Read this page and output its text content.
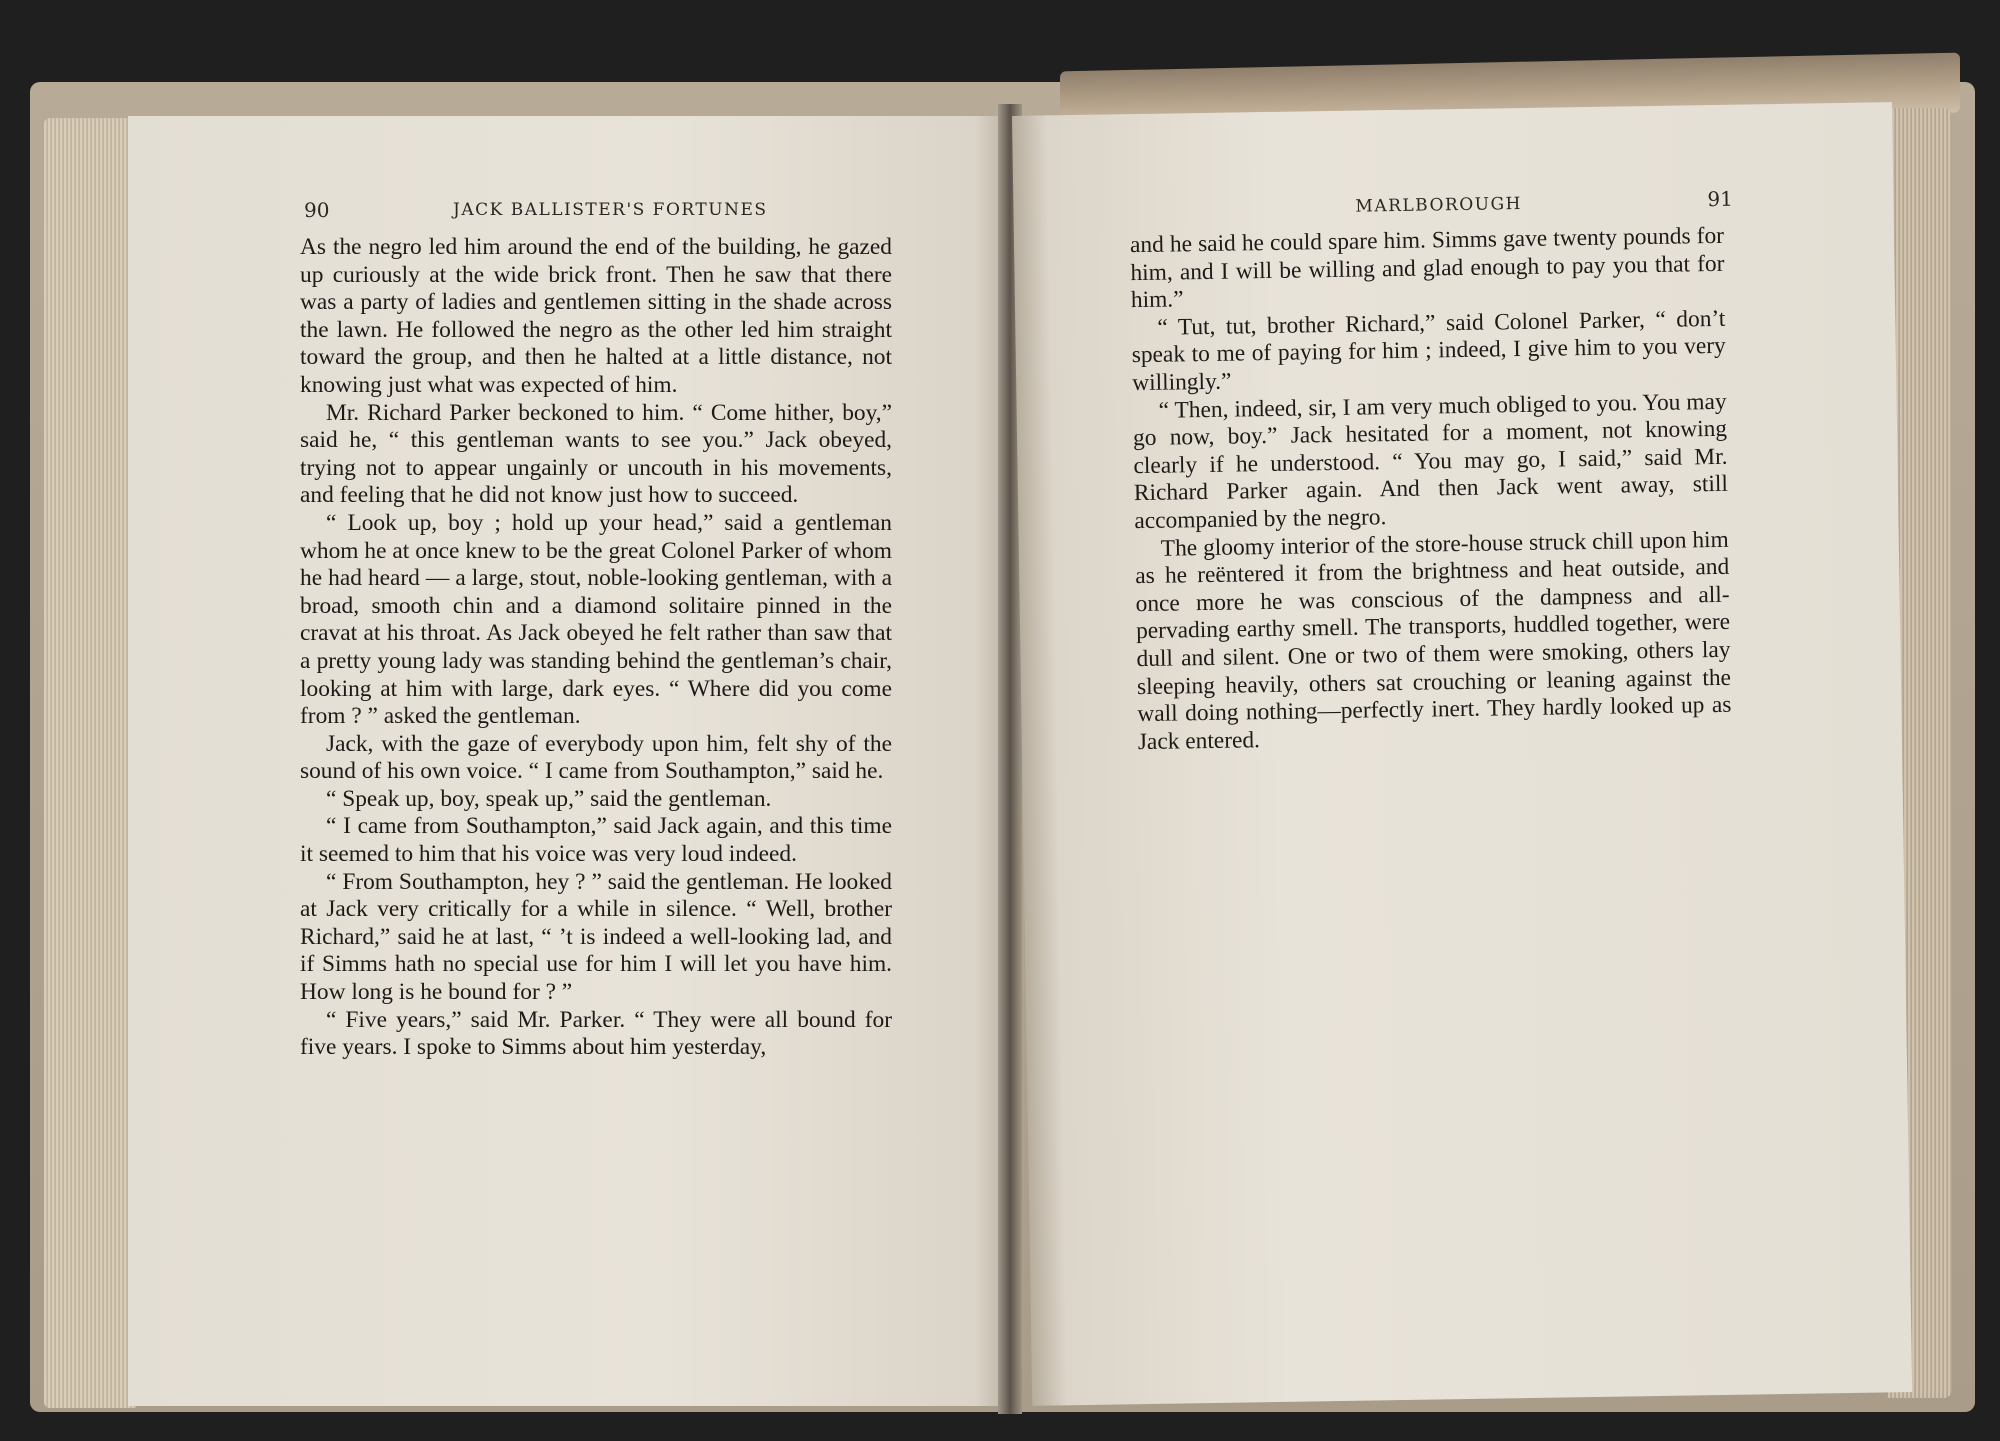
90	JACK BALLISTER'S FORTUNES

As the negro led him around the end of the building, he gazed up curiously at the wide brick front. Then he saw that there was a party of ladies and gentlemen sitting in the shade across the lawn. He followed the negro as the other led him straight toward the group, and then he halted at a little distance, not knowing just what was expected of him.

Mr. Richard Parker beckoned to him. “ Come hither, boy,” said he, “ this gentleman wants to see you.” Jack obeyed, trying not to appear ungainly or uncouth in his movements, and feeling that he did not know just how to succeed.

“ Look up, boy ; hold up your head,” said a gentleman whom he at once knew to be the great Colonel Parker of whom he had heard — a large, stout, noble-looking gentleman, with a broad, smooth chin and a diamond solitaire pinned in the cravat at his throat. As Jack obeyed he felt rather than saw that a pretty young lady was standing behind the gentleman’s chair, looking at him with large, dark eyes. “ Where did you come from ? ” asked the gentleman.

Jack, with the gaze of everybody upon him, felt shy of the sound of his own voice. “ I came from Southampton,” said he.

“ Speak up, boy, speak up,” said the gentleman.

“ I came from Southampton,” said Jack again, and this time it seemed to him that his voice was very loud indeed.

“ From Southampton, hey ? ” said the gentleman. He looked at Jack very critically for a while in silence. “ Well, brother Richard,” said he at last, “ ’t is indeed a well-looking lad, and if Simms hath no special use for him I will let you have him. How long is he bound for ? ”

“ Five years,” said Mr. Parker. “ They were all bound for five years. I spoke to Simms about him yesterday,

MARLBOROUGH	91

and he said he could spare him. Simms gave twenty pounds for him, and I will be willing and glad enough to pay you that for him.”

“ Tut, tut, brother Richard,” said Colonel Parker, “ don’t speak to me of paying for him ; indeed, I give him to you very willingly.”

“ Then, indeed, sir, I am very much obliged to you. You may go now, boy.” Jack hesitated for a moment, not knowing clearly if he understood. “ You may go, I said,” said Mr. Richard Parker again. And then Jack went away, still accompanied by the negro.

The gloomy interior of the store-house struck chill upon him as he reëntered it from the brightness and heat outside, and once more he was conscious of the dampness and all-pervading earthy smell. The transports, huddled together, were dull and silent. One or two of them were smoking, others lay sleeping heavily, others sat crouching or leaning against the wall doing nothing—perfectly inert. They hardly looked up as Jack entered.
